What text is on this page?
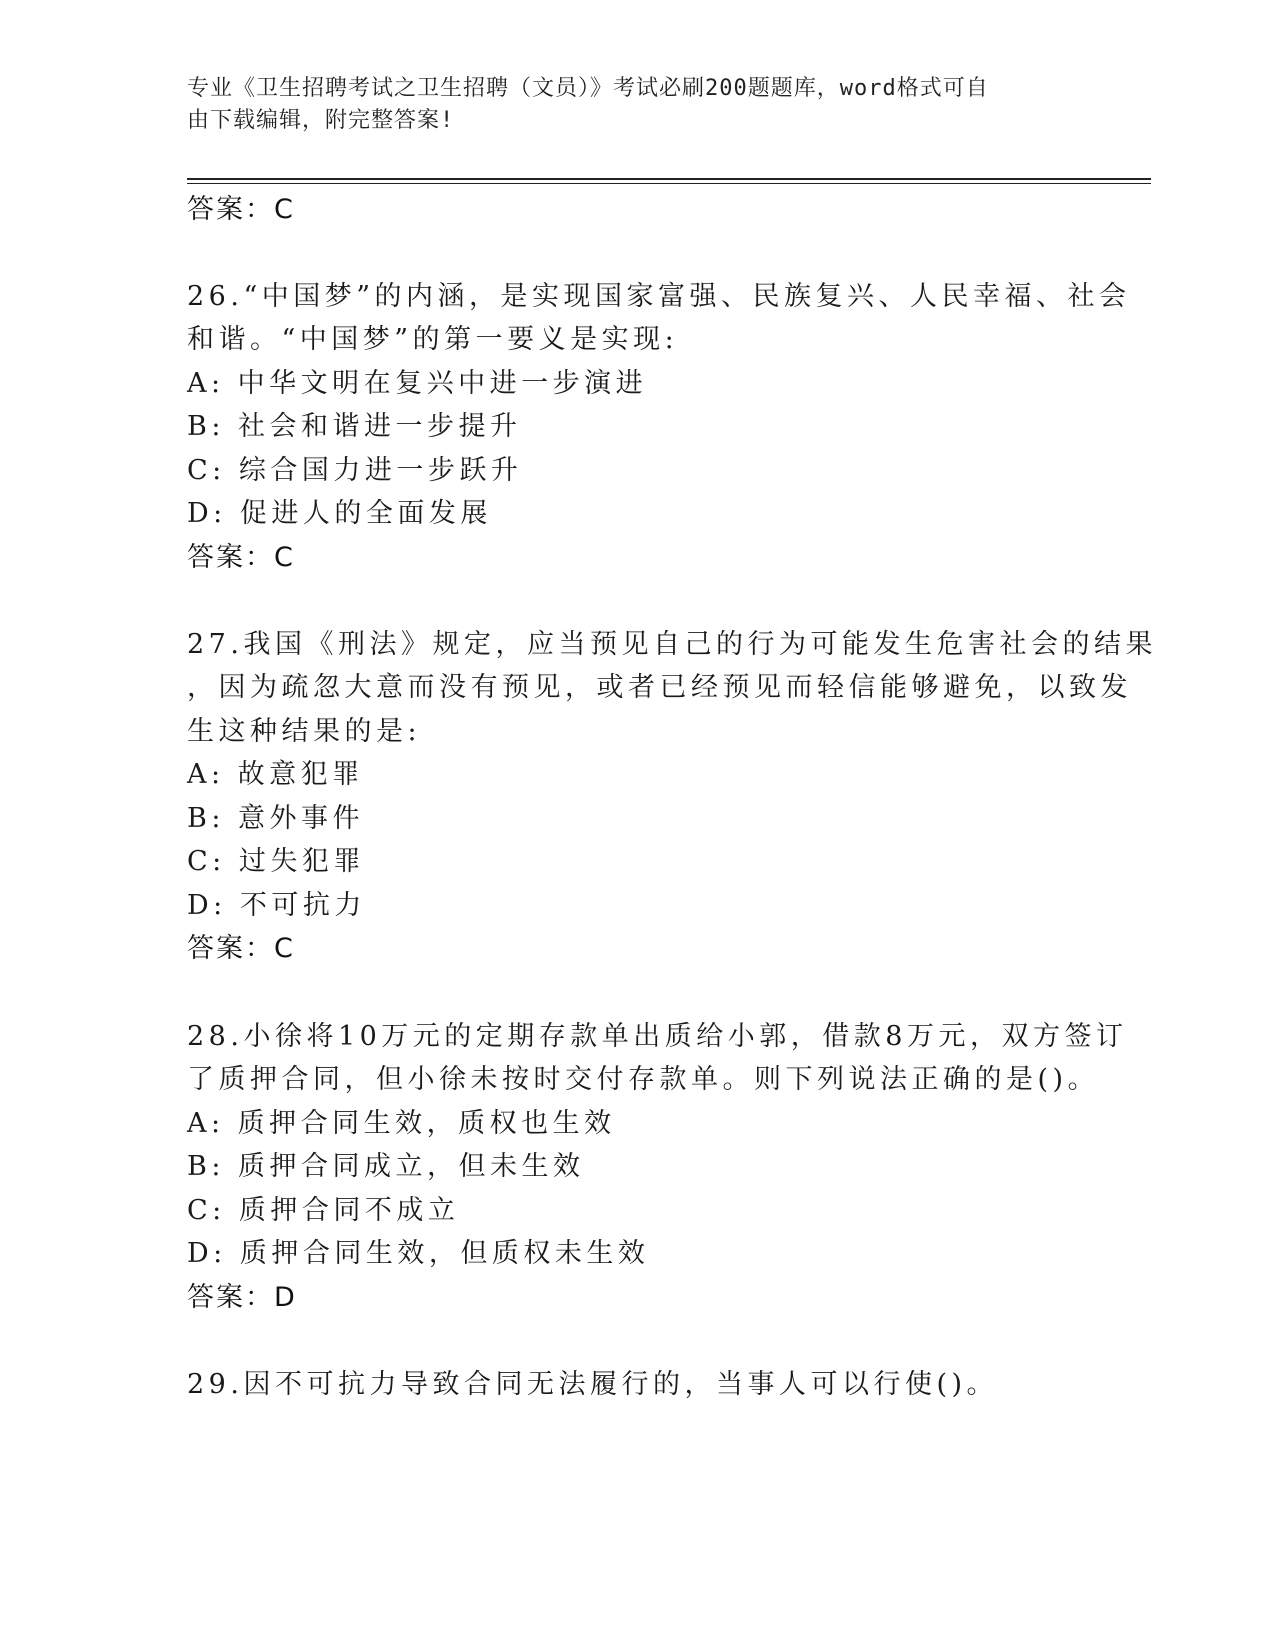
专业《卫生招聘考试之卫生招聘（文员）》考试必刷200题题库，word格式可自
由下载编辑，附完整答案!
答案：C
26.“中国梦”的内涵，是实现国家富强、民族复兴、人民幸福、社会
和谐。“中国梦”的第一要义是实现:
A: 中华文明在复兴中进一步演进
B: 社会和谐进一步提升
C: 综合国力进一步跃升
D: 促进人的全面发展
答案：C
27.我国《刑法》规定，应当预见自己的行为可能发生危害社会的结果
，因为疏忽大意而没有预见，或者已经预见而轻信能够避免，以致发
生这种结果的是:
A: 故意犯罪
B: 意外事件
C: 过失犯罪
D: 不可抗力
答案：C
28.小徐将10万元的定期存款单出质给小郭，借款8万元，双方签订
了质押合同，但小徐未按时交付存款单。则下列说法正确的是()。
A: 质押合同生效，质权也生效
B: 质押合同成立，但未生效
C: 质押合同不成立
D: 质押合同生效，但质权未生效
答案：D
29.因不可抗力导致合同无法履行的，当事人可以行使()。
